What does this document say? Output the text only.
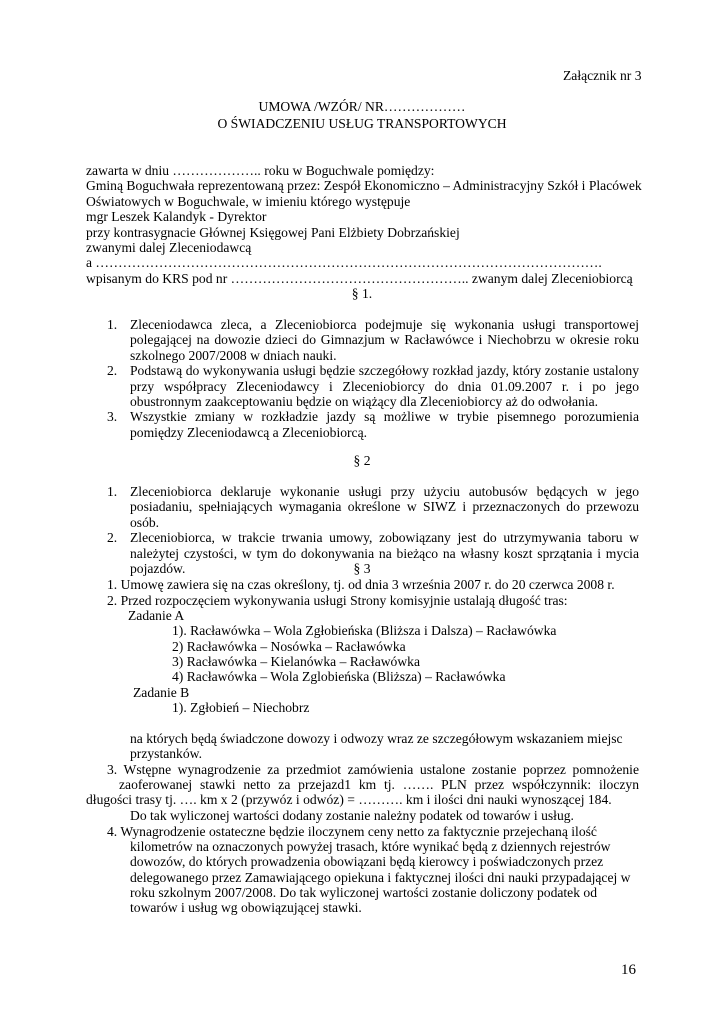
Załącznik nr 3
UMOWA /WZÓR/ NR………………
O ŚWIADCZENIU USŁUG TRANSPORTOWYCH
zawarta w dniu ……………….. roku w Boguchwale pomiędzy:
Gminą Boguchwała reprezentowaną przez: Zespół Ekonomiczno – Administracyjny Szkół i Placówek
Oświatowych w Boguchwale, w imieniu którego występuje
mgr Leszek Kalandyk - Dyrektor
przy kontrasygnacie Głównej Księgowej Pani Elżbiety Dobrzańskiej
zwanymi dalej Zleceniodawcą
a ………………………………………………………………………………………………….
wpisanym do KRS pod nr …………………………………………….. zwanym dalej Zleceniobiorcą
§ 1.
1. Zleceniodawca zleca, a Zleceniobiorca podejmuje się wykonania usługi transportowej polegającej na dowozie dzieci do Gimnazjum w Racławówce i Niechobrzu w okresie roku szkolnego 2007/2008 w dniach nauki.
2. Podstawą do wykonywania usługi będzie szczegółowy rozkład jazdy, który zostanie ustalony przy współpracy Zleceniodawcy i Zleceniobiorcy do dnia 01.09.2007 r. i po jego obustronnym zaakceptowaniu będzie on wiążący dla Zleceniobiorcy aż do odwołania.
3. Wszystkie zmiany w rozkładzie jazdy są możliwe w trybie pisemnego porozumienia pomiędzy Zleceniodawcą a Zleceniobiorcą.
§ 2
1. Zleceniobiorca deklaruje wykonanie usługi przy użyciu autobusów będących w jego posiadaniu, spełniających wymagania określone w SIWZ i przeznaczonych do przewozu osób.
2. Zleceniobiorca, w trakcie trwania umowy, zobowiązany jest do utrzymywania taboru w należytej czystości, w tym do dokonywania na bieżąco na własny koszt sprzątania i mycia pojazdów.	§ 3
1. Umowę zawiera się na czas określony, tj. od dnia 3 września 2007 r. do 20 czerwca 2008 r.
2. Przed rozpoczęciem wykonywania usługi Strony komisyjnie ustalają długość tras:
Zadanie A
1). Racławówka – Wola Zgłobieńska (Bliższa i Dalsza) – Racławówka
2) Racławówka – Nosówka – Racławówka
3) Racławówka – Kielanówka – Racławówka
4) Racławówka – Wola Zglobieńska (Bliższa) – Racławówka
Zadanie B
1). Zgłobień – Niechobrz
na których będą świadczone dowozy i odwozy wraz ze szczegółowym wskazaniem miejsc
przystanków.
3. Wstępne wynagrodzenie za przedmiot zamówienia ustalone zostanie poprzez pomnożenie
zaoferowanej stawki netto za przejazd1 km tj. ……. PLN przez współczynnik: iloczyn
długości trasy tj. …. km x 2 (przywóz i odwóz) = ………. km i ilości dni nauki wynoszącej 184.
Do tak wyliczonej wartości dodany zostanie należny podatek od towarów i usług.
4. Wynagrodzenie ostateczne będzie iloczynem ceny netto za faktycznie przejechaną ilość
kilometrów na oznaczonych powyżej trasach, które wynikać będą z dziennych rejestrów
dowozów, do których prowadzenia obowiązani będą kierowcy i poświadczonych przez
delegowanego przez Zamawiającego opiekuna i faktycznej ilości dni nauki przypadającej w
roku szkolnym 2007/2008. Do tak wyliczonej wartości zostanie doliczony podatek od
towarów i usług wg obowiązującej stawki.
16
